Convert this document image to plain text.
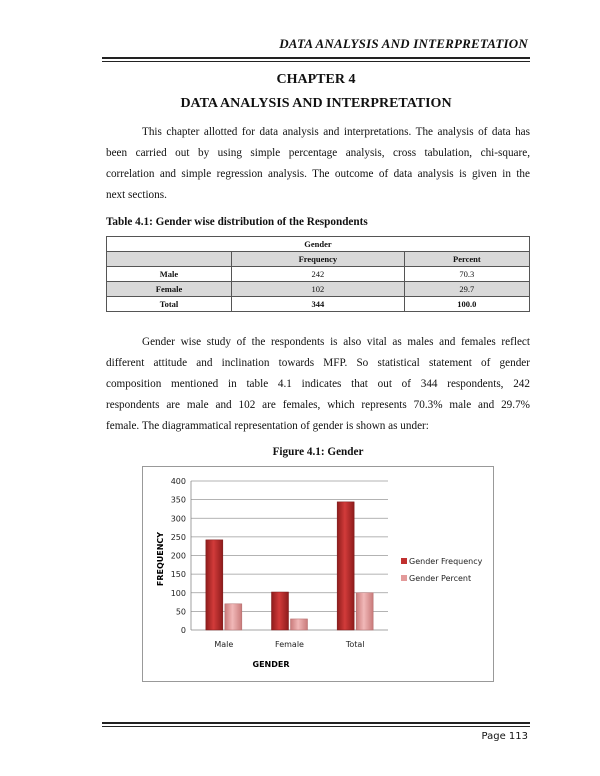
DATA ANALYSIS AND INTERPRETATION
CHAPTER 4
DATA ANALYSIS AND INTERPRETATION
This chapter allotted for data analysis and interpretations. The analysis of data has
been carried out by using simple percentage analysis, cross tabulation, chi-square,
correlation and simple regression analysis. The outcome of data analysis is given in the
next sections.
Table 4.1: Gender wise distribution of the Respondents
Gender		
	Frequency	Percent
Male	242	70.3
Female	102	29.7
Total	344	100.0
Gender wise study of the respondents is also vital as males and females reflect
different attitude and inclination towards MFP. So statistical statement of gender
composition mentioned in table 4.1 indicates that out of 344 respondents, 242
respondents are male and 102 are females, which represents 70.3% male and 29.7%
female. The diagrammatical representation of gender is shown as under:
Figure 4.1: Gender
0
50
100
150
200
250
300
350
400
Male	Female	Total
FREQUENCY
GENDER
Gender Frequency
Gender Percent
Page 113
